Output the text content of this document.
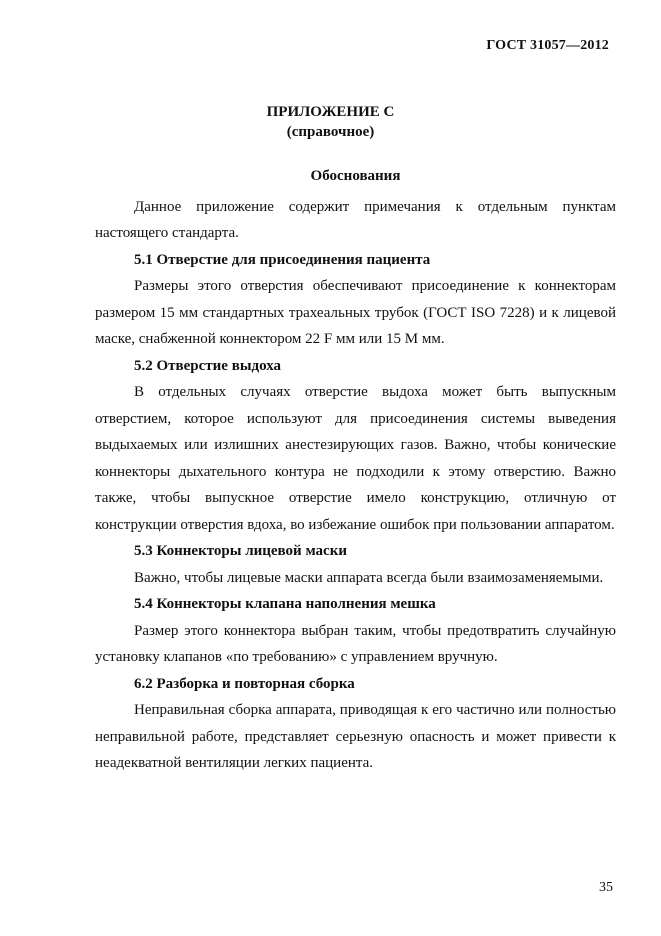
ГОСТ 31057—2012
ПРИЛОЖЕНИЕ С
(справочное)

Обоснования

Данное приложение содержит примечания к отдельным пунктам настоящего стандарта.

5.1 Отверстие для присоединения пациента

Размеры этого отверстия обеспечивают присоединение к коннекторам размером 15 мм стандартных трахеальных трубок (ГОСТ ISO 7228) и к лицевой маске, снабженной коннектором 22 F мм или 15 М мм.

5.2 Отверстие выдоха

В отдельных случаях отверстие выдоха может быть выпускным отверстием, которое используют для присоединения системы выведения выдыхаемых или излишних анестезирующих газов. Важно, чтобы конические коннекторы дыхательного контура не подходили к этому отверстию. Важно также, чтобы выпускное отверстие имело конструкцию, отличную от конструкции отверстия вдоха, во избежание ошибок при пользовании аппаратом.

5.3 Коннекторы лицевой маски

Важно, чтобы лицевые маски аппарата всегда были взаимозаменяемыми.

5.4 Коннекторы клапана наполнения мешка

Размер этого коннектора выбран таким, чтобы предотвратить случайную установку клапанов «по требованию» с управлением вручную.

6.2 Разборка и повторная сборка

Неправильная сборка аппарата, приводящая к его частично или полностью неправильной работе, представляет серьезную опасность и может привести к неадекватной вентиляции легких пациента.

35
